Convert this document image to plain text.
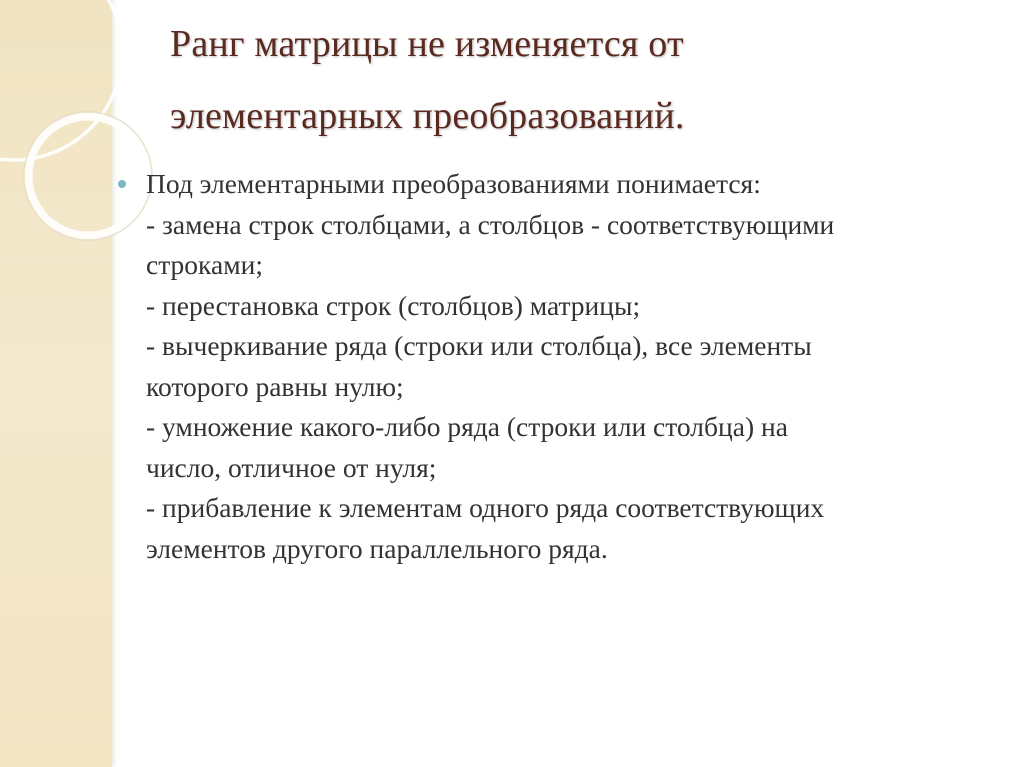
Ранг матрицы не изменяется от
элементарных преобразований.
Под элементарными преобразованиями понимается:
- замена строк столбцами, а столбцов - соответствующими
строками;
- перестановка строк (столбцов) матрицы;
- вычеркивание ряда (строки или столбца), все элементы
которого равны нулю;
- умножение какого-либо ряда (строки или столбца) на
число, отличное от нуля;
- прибавление к элементам одного ряда соответствующих
элементов другого параллельного ряда.
